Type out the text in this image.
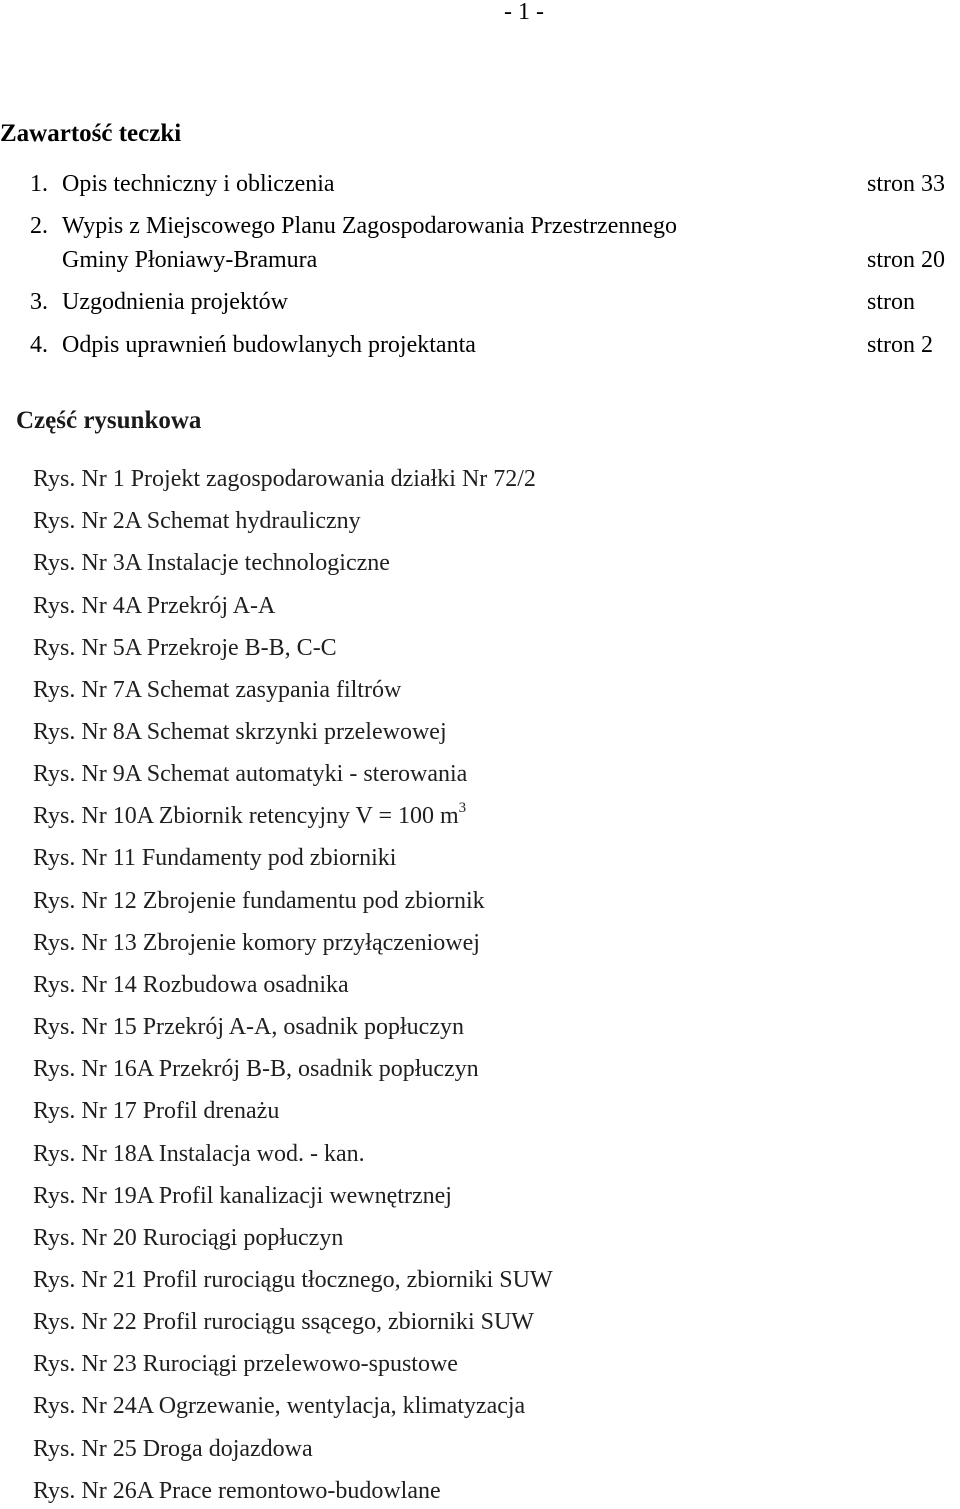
- 1 -
Zawartość teczki
1. Opis techniczny i obliczenia	stron 33
2. Wypis z Miejscowego Planu Zagospodarowania Przestrzennego
Gminy Płoniawy-Bramura	stron 20
3. Uzgodnienia projektów	stron
4. Odpis uprawnień budowlanych projektanta	stron 2
Część rysunkowa
Rys. Nr 1 Projekt zagospodarowania działki Nr 72/2
Rys. Nr 2A Schemat hydrauliczny
Rys. Nr 3A Instalacje technologiczne
Rys. Nr 4A Przekrój A-A
Rys. Nr 5A Przekroje B-B, C-C
Rys. Nr 7A Schemat zasypania filtrów
Rys. Nr 8A Schemat skrzynki przelewowej
Rys. Nr 9A Schemat automatyki - sterowania
Rys. Nr 10A Zbiornik retencyjny V = 100 $m^3$
Rys. Nr 11 Fundamenty pod zbiorniki
Rys. Nr 12 Zbrojenie fundamentu pod zbiornik
Rys. Nr 13 Zbrojenie komory przyłączeniowej
Rys. Nr 14 Rozbudowa osadnika
Rys. Nr 15 Przekrój A-A, osadnik popłuczyn
Rys. Nr 16A Przekrój B-B, osadnik popłuczyn
Rys. Nr 17 Profil drenażu
Rys. Nr 18A Instalacja wod. - kan.
Rys. Nr 19A Profil kanalizacji wewnętrznej
Rys. Nr 20 Rurociągi popłuczyn
Rys. Nr 21 Profil rurociągu tłocznego, zbiorniki SUW
Rys. Nr 22 Profil rurociągu ssącego, zbiorniki SUW
Rys. Nr 23 Rurociągi przelewowo-spustowe
Rys. Nr 24A Ogrzewanie, wentylacja, klimatyzacja
Rys. Nr 25 Droga dojazdowa
Rys. Nr 26A Prace remontowo-budowlane
